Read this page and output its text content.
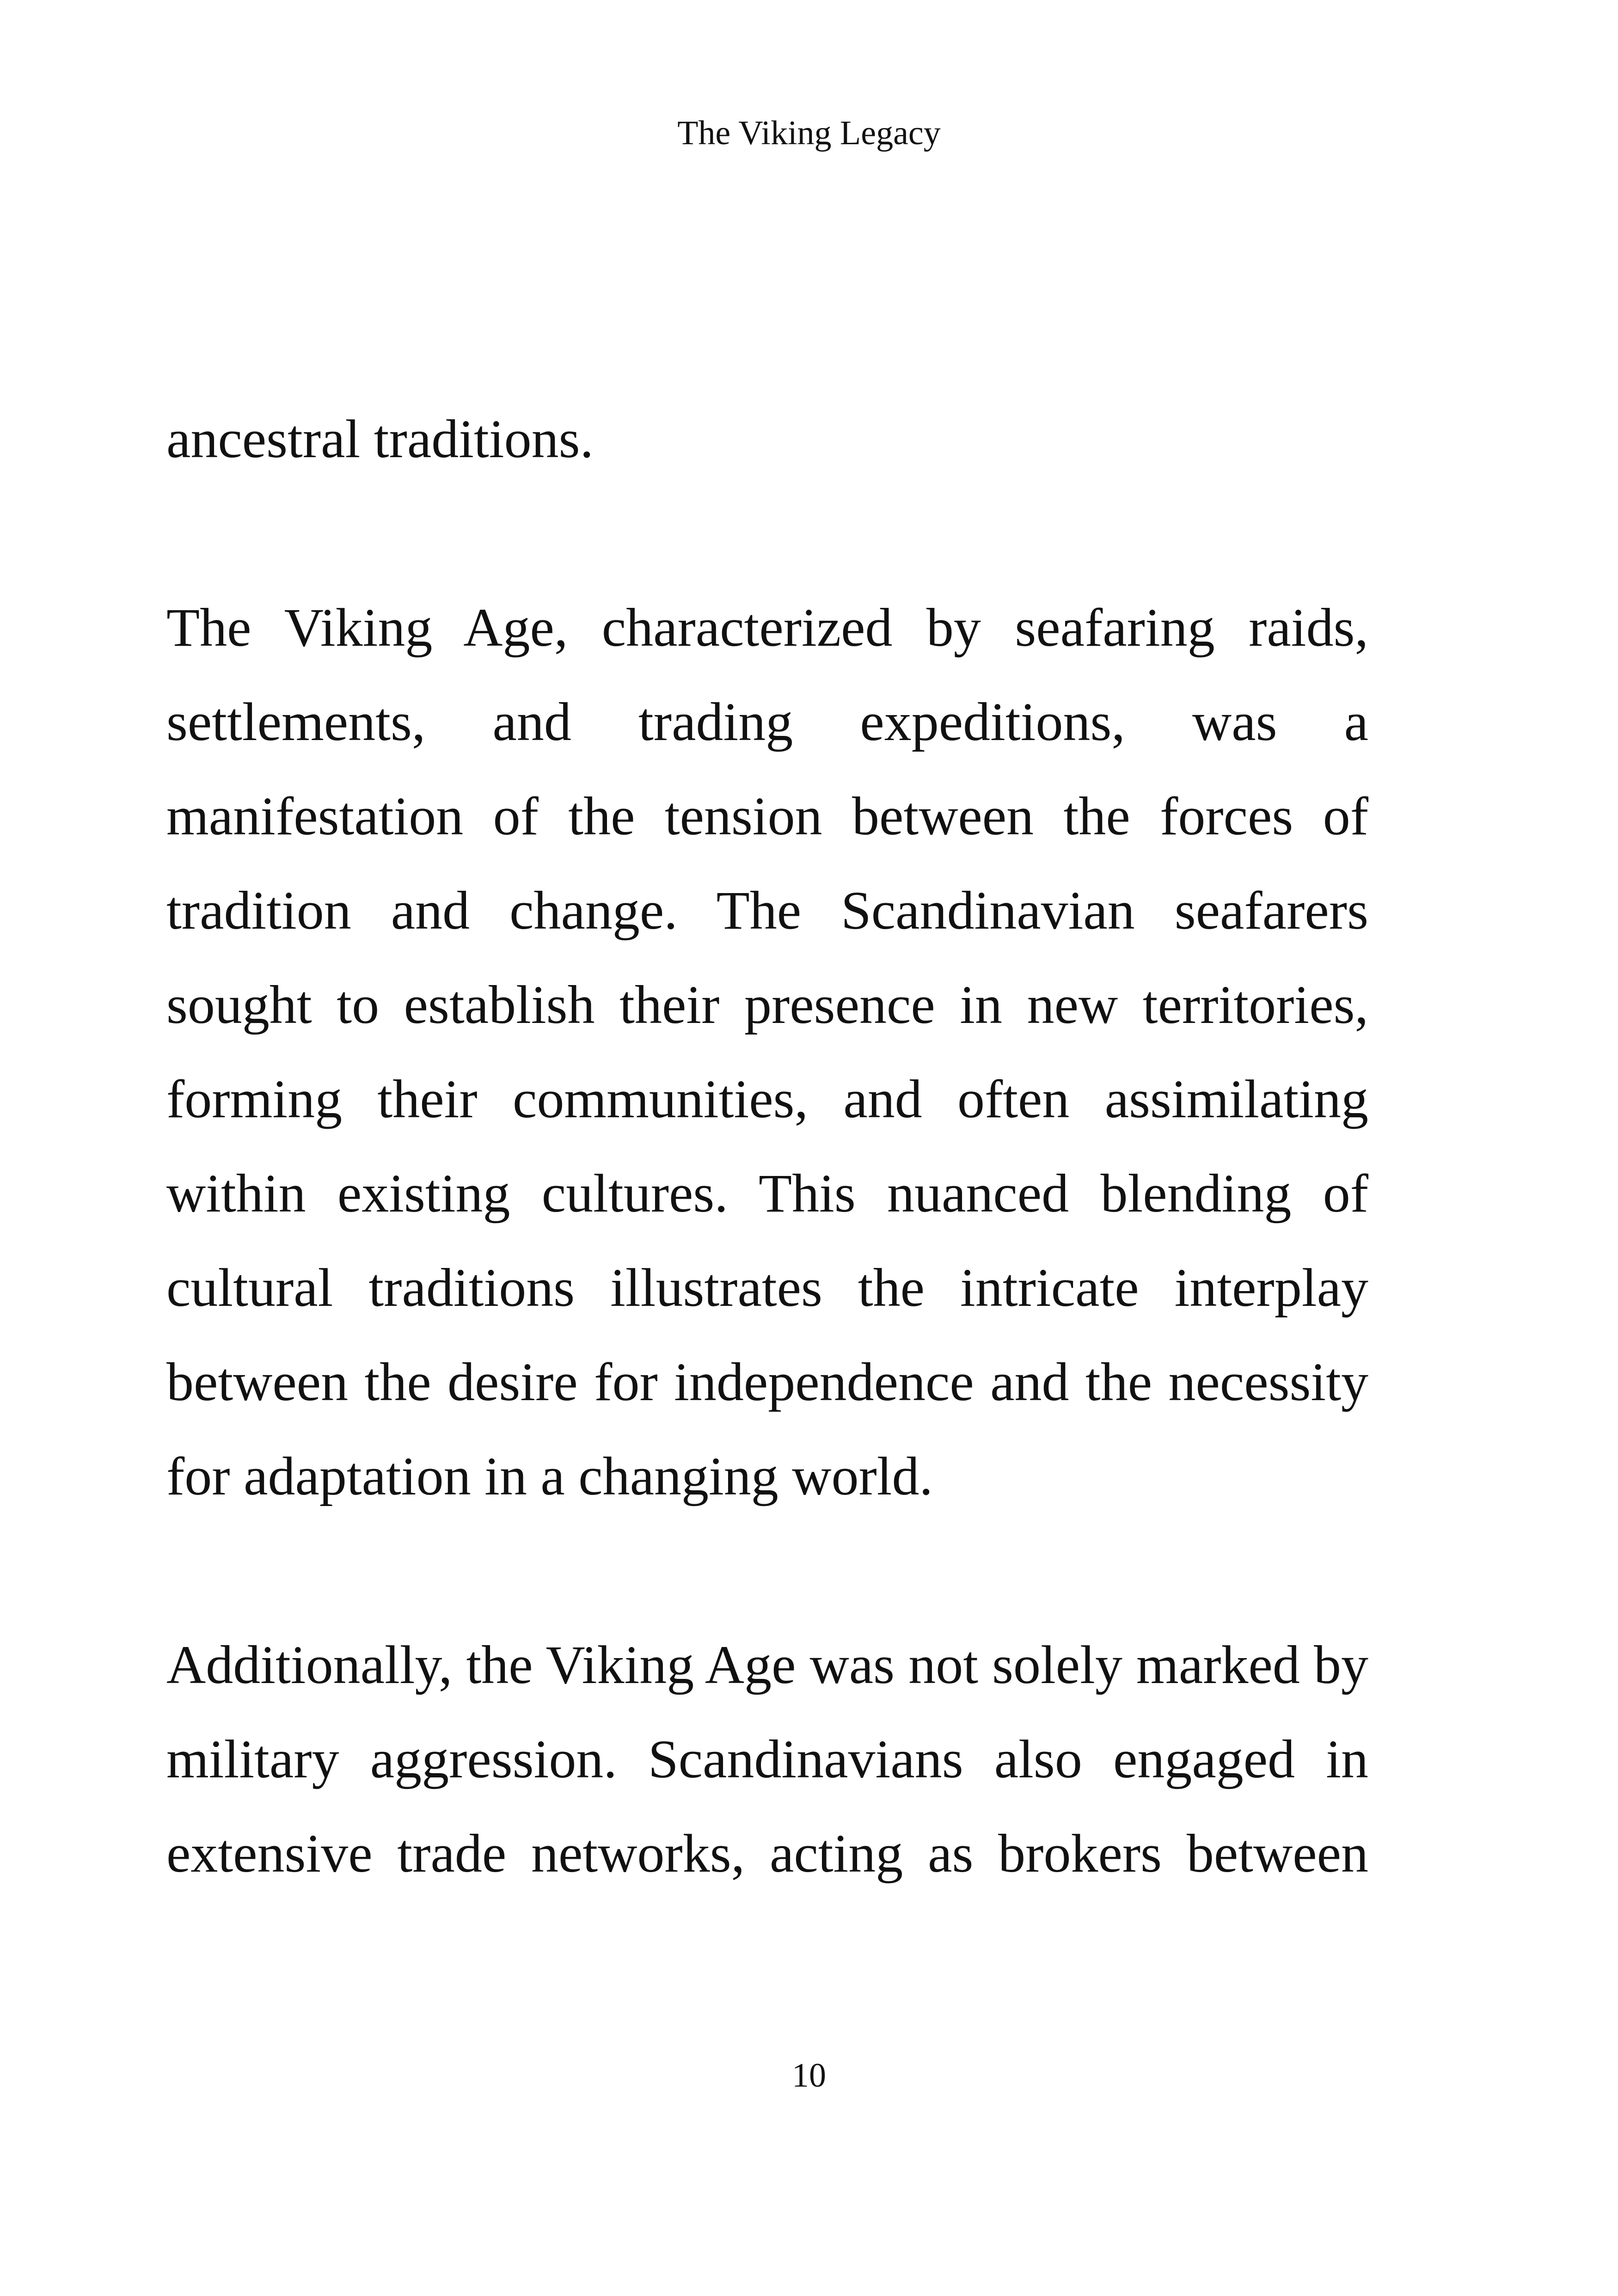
The Viking Legacy

ancestral traditions.

The Viking Age, characterized by seafaring raids, settlements, and trading expeditions, was a manifestation of the tension between the forces of tradition and change. The Scandinavian seafarers sought to establish their presence in new territories, forming their communities, and often assimilating within existing cultures. This nuanced blending of cultural traditions illustrates the intricate interplay between the desire for independence and the necessity for adaptation in a changing world.

Additionally, the Viking Age was not solely marked by military aggression. Scandinavians also engaged in extensive trade networks, acting as brokers between

10
